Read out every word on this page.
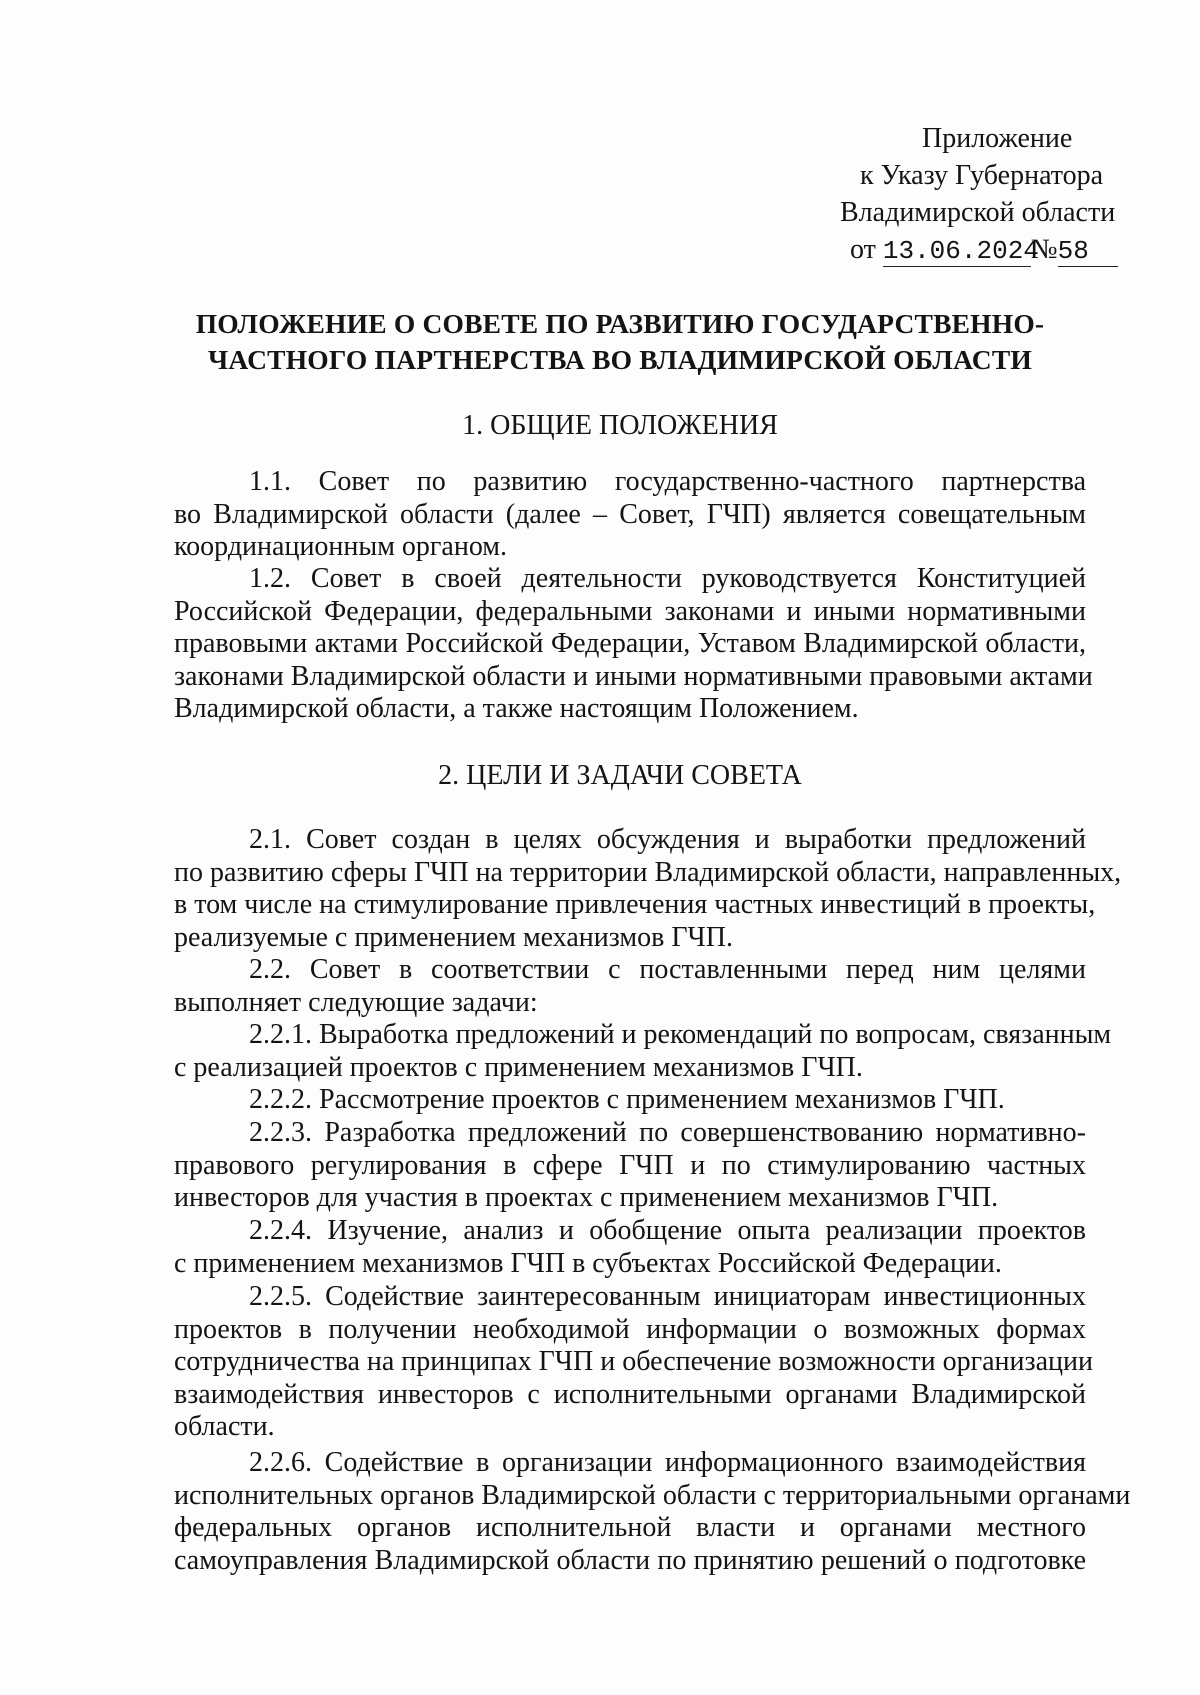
Приложение
к Указу Губернатора
Владимирской области
от 13.06.2024№58
ПОЛОЖЕНИЕ О СОВЕТЕ ПО РАЗВИТИЮ ГОСУДАРСТВЕННО-
ЧАСТНОГО ПАРТНЕРСТВА ВО ВЛАДИМИРСКОЙ ОБЛАСТИ
1. ОБЩИЕ ПОЛОЖЕНИЯ
1.1. Совет по развитию государственно-частного партнерства
во Владимирской области (далее – Совет, ГЧП) является совещательным
координационным органом.
1.2. Совет в своей деятельности руководствуется Конституцией
Российской Федерации, федеральными законами и иными нормативными
правовыми актами Российской Федерации, Уставом Владимирской области,
законами Владимирской области и иными нормативными правовыми актами
Владимирской области, а также настоящим Положением.
2. ЦЕЛИ И ЗАДАЧИ СОВЕТА
2.1. Совет создан в целях обсуждения и выработки предложений
по развитию сферы ГЧП на территории Владимирской области, направленных,
в том числе на стимулирование привлечения частных инвестиций в проекты,
реализуемые с применением механизмов ГЧП.
2.2. Совет в соответствии с поставленными перед ним целями
выполняет следующие задачи:
2.2.1. Выработка предложений и рекомендаций по вопросам, связанным
с реализацией проектов с применением механизмов ГЧП.
2.2.2. Рассмотрение проектов с применением механизмов ГЧП.
2.2.3. Разработка предложений по совершенствованию нормативно-
правового регулирования в сфере ГЧП и по стимулированию частных
инвесторов для участия в проектах с применением механизмов ГЧП.
2.2.4. Изучение, анализ и обобщение опыта реализации проектов
с применением механизмов ГЧП в субъектах Российской Федерации.
2.2.5. Содействие заинтересованным инициаторам инвестиционных
проектов в получении необходимой информации о возможных формах
сотрудничества на принципах ГЧП и обеспечение возможности организации
взаимодействия инвесторов с исполнительными органами Владимирской
области.
2.2.6. Содействие в организации информационного взаимодействия
исполнительных органов Владимирской области с территориальными органами
федеральных органов исполнительной власти и органами местного
самоуправления Владимирской области по принятию решений о подготовке
